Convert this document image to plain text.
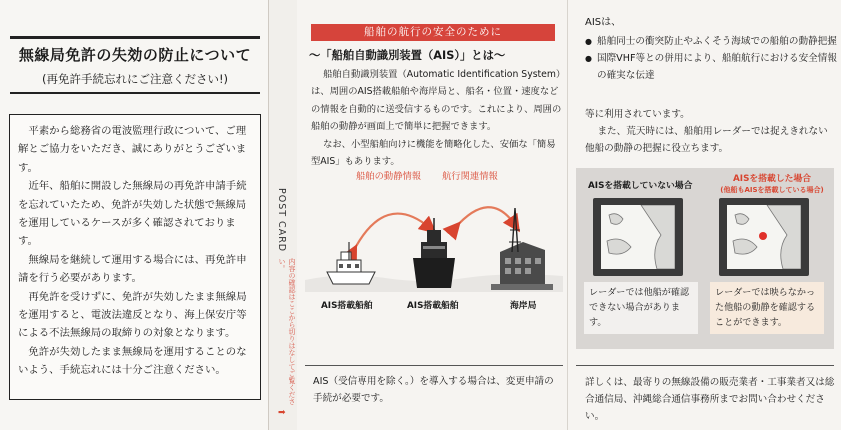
無線局免許の失効の防止について
(再免許手続忘れにご注意ください!)

平素から総務省の電波監理行政について、ご理解とご協力をいただき、誠にありがとうございます。

近年、船舶に開設した無線局の再免許申請手続を忘れていたため、免許が失効した状態で無線局を運用しているケースが多く確認されております。

無線局を継続して運用する場合には、再免許申請を行う必要があります。

再免許を受けずに、免許が失効したまま無線局を運用すると、電波法違反となり、海上保安庁等による不法無線局の取締りの対象となります。

免許が失効したまま無線局を運用することのないよう、手続忘れには十分ご注意ください。

POST CARD
内容の確認はここから切りはなしてご覧ください。
➡
船舶の航行の安全のために
〜「船舶自動識別装置（AIS）」とは〜

船舶自動識別装置（Automatic Identification System）は、周囲のAIS搭載船舶や海岸局と、船名・位置・速度などの情報を自動的に送受信するものです。これにより、周囲の船舶の動静が画面上で簡単に把握できます。

なお、小型船舶向けに機能を簡略化した、安価な「簡易型AIS」もあります。

船舶の動静情報 航行関連情報
AIS搭載船舶	AIS搭載船舶	海岸局
AIS（受信専用を除く。）を導入する場合は、変更申請の手続が必要です。
AISは、
● 船舶同士の衝突防止やふくそう海域での船舶の動静把握
● 国際VHF等との併用により、船舶航行における安全情報の確実な伝達
等に利用されています。
また、荒天時には、船舶用レーダーでは捉えきれない他船の動静の把握に役立ちます。
AISを搭載していない場合
AISを搭載した場合
(他船もAISを搭載している場合)
レーダーでは他船が確認できない場合があります。
レーダーでは映らなかった他船の動静を確認することができます。
詳しくは、最寄りの無線設備の販売業者・工事業者又は総合通信局、沖縄総合通信事務所までお問い合わせください。
